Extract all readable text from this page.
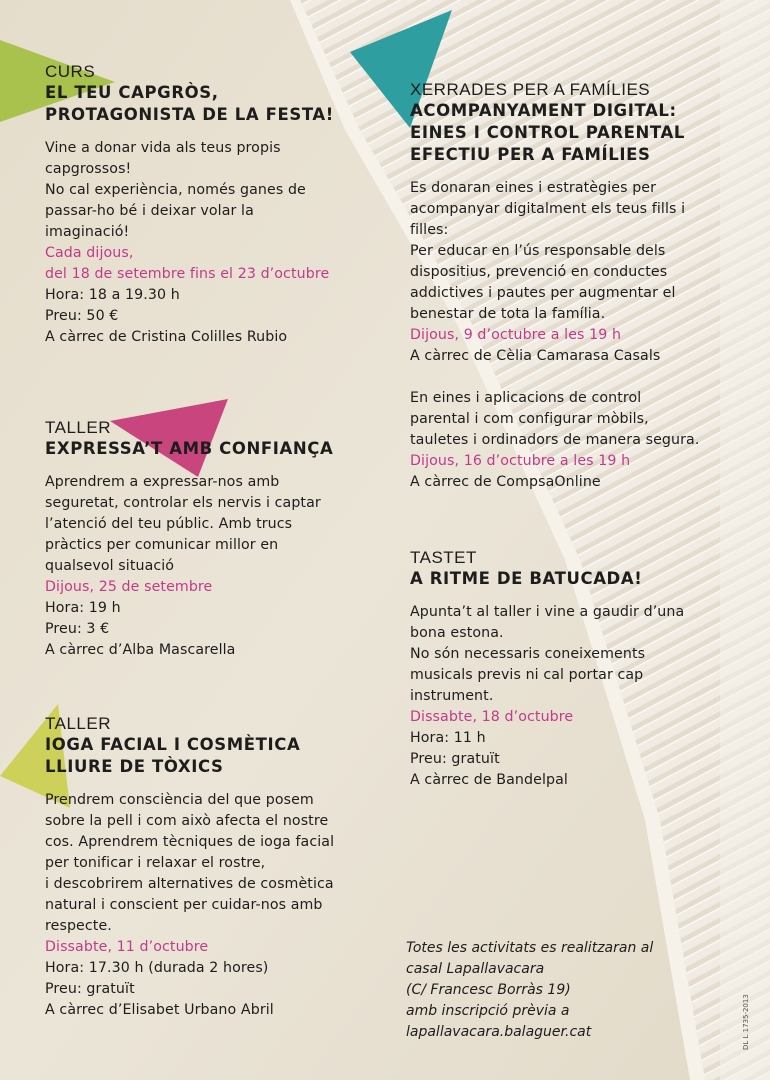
CURS
EL TEU CAPGRÒS,
PROTAGONISTA DE LA FESTA!
Vine a donar vida als teus propis
capgrossos!
No cal experiència, només ganes de
passar-ho bé i deixar volar la
imaginació!
Cada dijous,
del 18 de setembre fins el 23 d’octubre
Hora: 18 a 19.30 h
Preu: 50 €
A càrrec de Cristina Colilles Rubio
TALLER
EXPRESSA’T AMB CONFIANÇA
Aprendrem a expressar-nos amb
seguretat, controlar els nervis i captar
l’atenció del teu públic. Amb trucs
pràctics per comunicar millor en
qualsevol situació
Dijous, 25 de setembre
Hora: 19 h
Preu: 3 €
A càrrec d’Alba Mascarella
TALLER
IOGA FACIAL I COSMÈTICA
LLIURE DE TÒXICS
Prendrem consciència del que posem
sobre la pell i com això afecta el nostre
cos. Aprendrem tècniques de ioga facial
per tonificar i relaxar el rostre,
i descobrirem alternatives de cosmètica
natural i conscient per cuidar-nos amb
respecte.
Dissabte, 11 d’octubre
Hora: 17.30 h (durada 2 hores)
Preu: gratuït
A càrrec d’Elisabet Urbano Abril
XERRADES PER A FAMÍLIES
ACOMPANYAMENT DIGITAL:
EINES I CONTROL PARENTAL
EFECTIU PER A FAMÍLIES
Es donaran eines i estratègies per
acompanyar digitalment els teus fills i
filles:
Per educar en l’ús responsable dels
dispositius, prevenció en conductes
addictives i pautes per augmentar el
benestar de tota la família.
Dijous, 9 d’octubre a les 19 h
A càrrec de Cèlia Camarasa Casals
En eines i aplicacions de control
parental i com configurar mòbils,
tauletes i ordinadors de manera segura.
Dijous, 16 d’octubre a les 19 h
A càrrec de CompsaOnline
TASTET
A RITME DE BATUCADA!
Apunta’t al taller i vine a gaudir d’una
bona estona.
No són necessaris coneixements
musicals previs ni cal portar cap
instrument.
Dissabte, 18 d’octubre
Hora: 11 h
Preu: gratuït
A càrrec de Bandelpal
Totes les activitats es realitzaran al
casal Lapallavacara
(C/ Francesc Borràs 19)
amb inscripció prèvia a
lapallavacara.balaguer.cat	DL L 1735-2013
